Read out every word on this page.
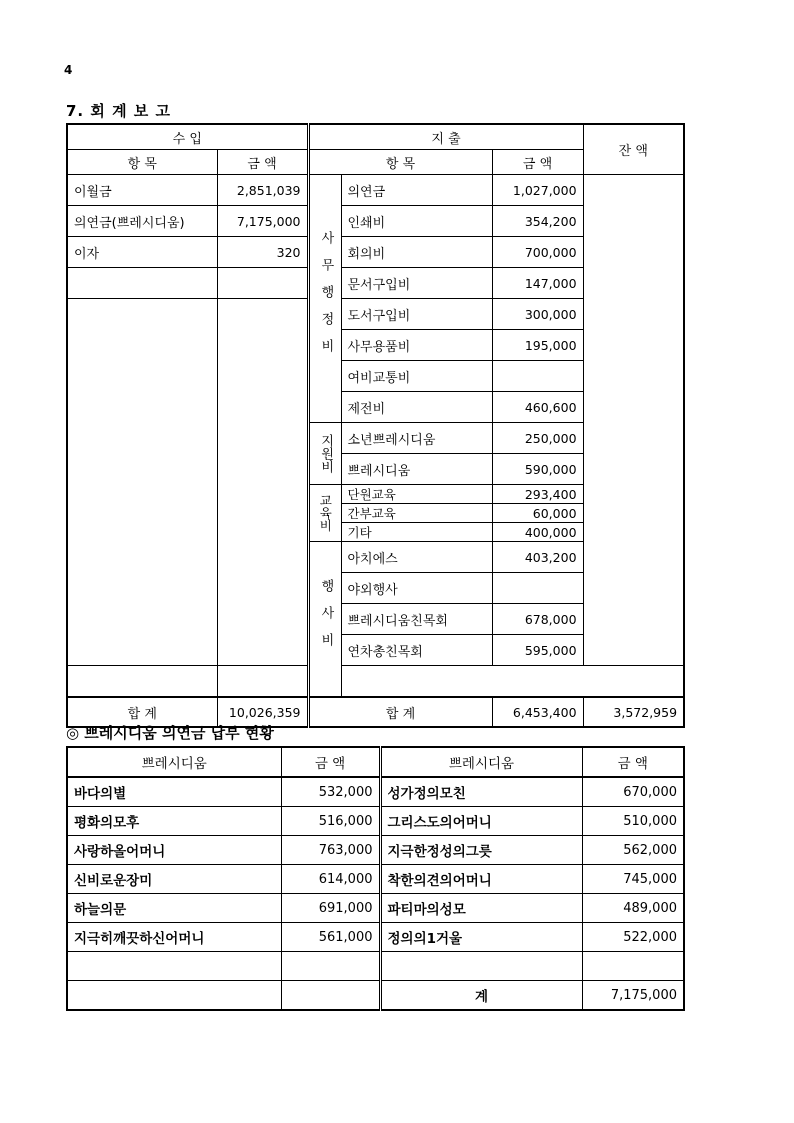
4
7. 회 계 보 고
수 입		지 출			잔 액
항 목	금 액	항 목		금 액	
이월금	2,851,039	사무행정비	의연금	1,027,000	
의연금(쁘레시디움)	7,175,000		인쇄비	354,200	
이자	320		회의비	700,000	
			문서구입비	147,000	
			도서구입비	300,000	
			사무용품비	195,000	
			여비교통비		
			제전비	460,600	
		지원비	소년쁘레시디움	250,000	
			쁘레시디움	590,000	
		교육비	단원교육	293,400	
			간부교육	60,000	
			기타	400,000	
		행사비	아치에스	403,200	
			야외행사		
			쁘레시디움친목회	678,000	
			연차총친목회	595,000	

합 계	10,026,359	합 계		6,453,400	3,572,959
◎ 쁘레시디움 의연금 납부 현황
쁘레시디움	금 액	쁘레시디움	금 액
바다의별	532,000	성가정의모친	670,000
평화의모후	516,000	그리스도의어머니	510,000
사랑하올어머니	763,000	지극한정성의그릇	562,000
신비로운장미	614,000	착한의견의어머니	745,000
하늘의문	691,000	파티마의성모	489,000
지극히깨끗하신어머니	561,000	정의의1거울	522,000

		계	7,175,000
